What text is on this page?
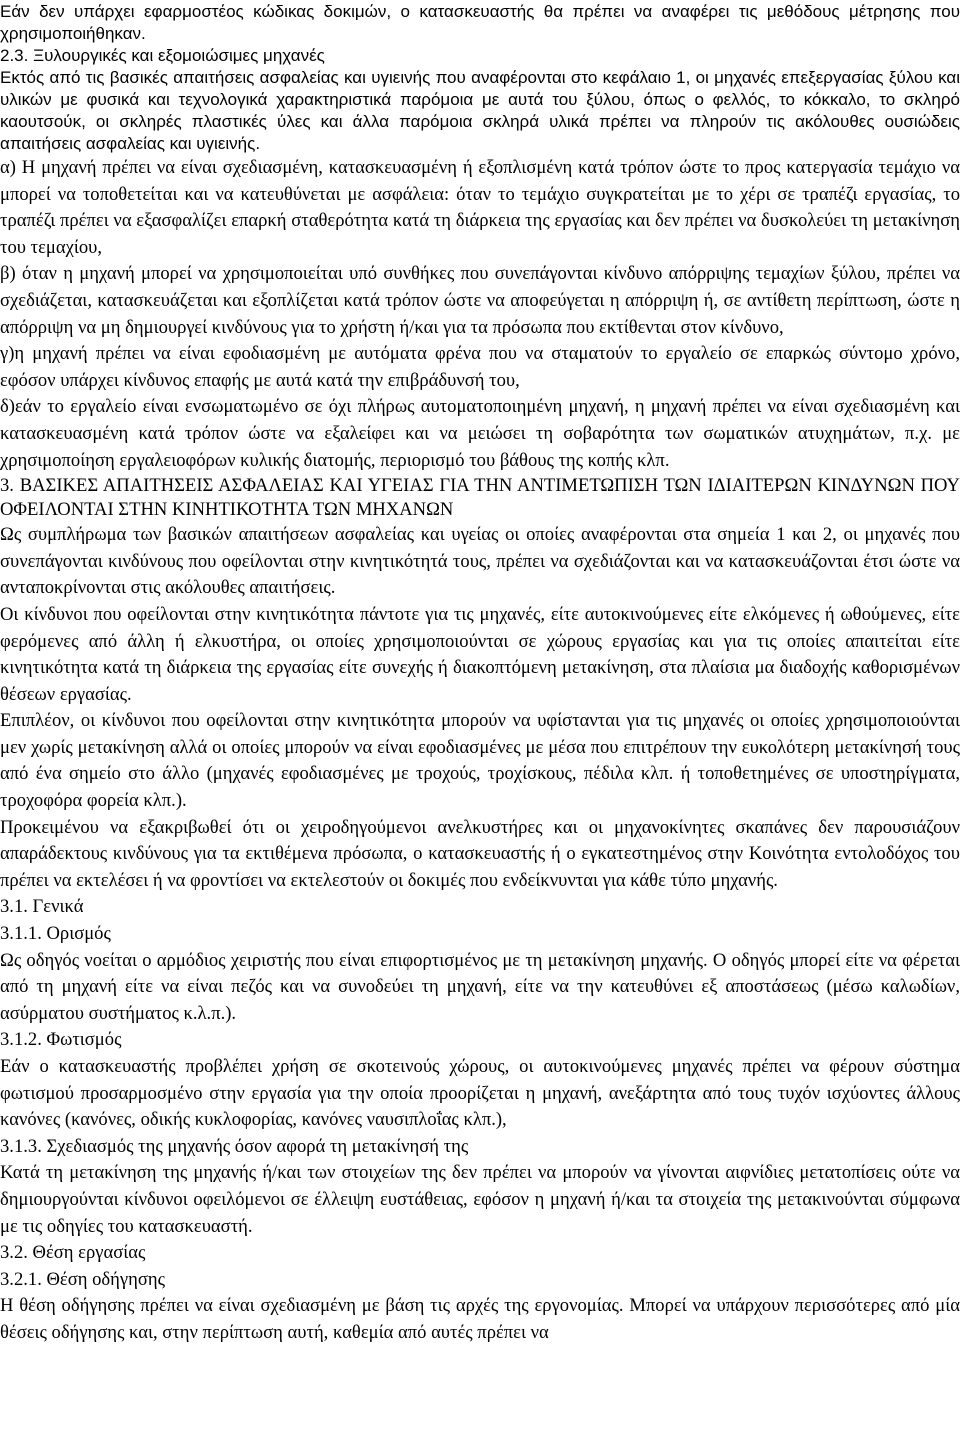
Εάν δεν υπάρχει εφαρμοστέος κώδικας δοκιμών, ο κατασκευαστής θα πρέπει να αναφέρει τις μεθόδους μέτρησης που χρησιμοποιήθηκαν.

2.3. Ξυλουργικές και εξομοιώσιμες μηχανές

Εκτός από τις βασικές απαιτήσεις ασφαλείας και υγιεινής που αναφέρονται στο κεφάλαιο 1, οι μηχανές επεξεργασίας ξύλου και υλικών με φυσικά και τεχνολογικά χαρακτηριστικά παρόμοια με αυτά του ξύλου, όπως ο φελλός, το κόκκαλο, το σκληρό καουτσούκ, οι σκληρές πλαστικές ύλες και άλλα παρόμοια σκληρά υλικά πρέπει να πληρούν τις ακόλουθες ουσιώδεις απαιτήσεις ασφαλείας και υγιεινής.

α) Η μηχανή πρέπει να είναι σχεδιασμένη, κατασκευασμένη ή εξοπλισμένη κατά τρόπον ώστε το προς κατεργασία τεμάχιο να μπορεί να τοποθετείται και να κατευθύνεται με ασφάλεια: όταν το τεμάχιο συγκρατείται με το χέρι σε τραπέζι εργασίας, το τραπέζι πρέπει να εξασφαλίζει επαρκή σταθερότητα κατά τη διάρκεια της εργασίας και δεν πρέπει να δυσκολεύει τη μετακίνηση του τεμαχίου,

β) όταν η μηχανή μπορεί να χρησιμοποιείται υπό συνθήκες που συνεπάγονται κίνδυνο απόρριψης τεμαχίων ξύλου, πρέπει να σχεδιάζεται, κατασκευάζεται και εξοπλίζεται κατά τρόπον ώστε να αποφεύγεται η απόρριψη ή, σε αντίθετη περίπτωση, ώστε η απόρριψη να μη δημιουργεί κινδύνους για το χρήστη ή/και για τα πρόσωπα που εκτίθενται στον κίνδυνο,

γ)η μηχανή πρέπει να είναι εφοδιασμένη με αυτόματα φρένα που να σταματούν το εργαλείο σε επαρκώς σύντομο χρόνο, εφόσον υπάρχει κίνδυνος επαφής με αυτά κατά την επιβράδυνσή του,

δ)εάν το εργαλείο είναι ενσωματωμένο σε όχι πλήρως αυτοματοποιημένη μηχανή, η μηχανή πρέπει να είναι σχεδιασμένη και κατασκευασμένη κατά τρόπον ώστε να εξαλείφει και να μειώσει τη σοβαρότητα των σωματικών ατυχημάτων, π.χ. με χρησιμοποίηση εργαλειοφόρων κυλικής διατομής, περιορισμό του βάθους της κοπής κλπ.

3. ΒΑΣΙΚΕΣ ΑΠΑΙΤΗΣΕΙΣ ΑΣΦΑΛΕΙΑΣ ΚΑΙ ΥΓΕΙΑΣ ΓΙΑ ΤΗΝ ΑΝΤΙΜΕΤΩΠΙΣΗ ΤΩΝ ΙΔΙΑΙΤΕΡΩΝ ΚΙΝΔΥΝΩΝ ΠΟΥ ΟΦΕΙΛΟΝΤΑΙ ΣΤΗΝ ΚΙΝΗΤΙΚΟΤΗΤΑ ΤΩΝ ΜΗΧΑΝΩΝ

Ως συμπλήρωμα των βασικών απαιτήσεων ασφαλείας και υγείας οι οποίες αναφέρονται στα σημεία 1 και 2, οι μηχανές που συνεπάγονται κινδύνους που οφείλονται στην κινητικότητά τους, πρέπει να σχεδιάζονται και να κατασκευάζονται έτσι ώστε να ανταποκρίνονται στις ακόλουθες απαιτήσεις.

Οι κίνδυνοι που οφείλονται στην κινητικότητα πάντοτε για τις μηχανές, είτε αυτοκινούμενες είτε ελκόμενες ή ωθούμενες, είτε φερόμενες από άλλη ή ελκυστήρα, οι οποίες χρησιμοποιούνται σε χώρους εργασίας και για τις οποίες απαιτείται είτε κινητικότητα κατά τη διάρκεια της εργασίας είτε συνεχής ή διακοπτόμενη μετακίνηση, στα πλαίσια μα διαδοχής καθορισμένων θέσεων εργασίας.

Επιπλέον, οι κίνδυνοι που οφείλονται στην κινητικότητα μπορούν να υφίστανται για τις μηχανές οι οποίες χρησιμοποιούνται μεν χωρίς μετακίνηση αλλά οι οποίες μπορούν να είναι εφοδιασμένες με μέσα που επιτρέπουν την ευκολότερη μετακίνησή τους από ένα σημείο στο άλλο (μηχανές εφοδιασμένες με τροχούς, τροχίσκους, πέδιλα κλπ. ή τοποθετημένες σε υποστηρίγματα, τροχοφόρα φορεία κλπ.).

Προκειμένου να εξακριβωθεί ότι οι χειροδηγούμενοι ανελκυστήρες και οι μηχανοκίνητες σκαπάνες δεν παρουσιάζουν απαράδεκτους κινδύνους για τα εκτιθέμενα πρόσωπα, ο κατασκευαστής ή ο εγκατεστημένος στην Κοινότητα εντολοδόχος του πρέπει να εκτελέσει ή να φροντίσει να εκτελεστούν οι δοκιμές που ενδείκνυνται για κάθε τύπο μηχανής.

3.1. Γενικά

3.1.1. Ορισμός

Ως οδηγός νοείται ο αρμόδιος χειριστής που είναι επιφορτισμένος με τη μετακίνηση μηχανής. Ο οδηγός μπορεί είτε να φέρεται από τη μηχανή είτε να είναι πεζός και να συνοδεύει τη μηχανή, είτε να την κατευθύνει εξ αποστάσεως (μέσω καλωδίων, ασύρματου συστήματος κ.λ.π.).

3.1.2. Φωτισμός

Εάν ο κατασκευαστής προβλέπει χρήση σε σκοτεινούς χώρους, οι αυτοκινούμενες μηχανές πρέπει να φέρουν σύστημα φωτισμού προσαρμοσμένο στην εργασία για την οποία προορίζεται η μηχανή, ανεξάρτητα από τους τυχόν ισχύοντες άλλους κανόνες (κανόνες, οδικής κυκλοφορίας, κανόνες ναυσιπλοΐας κλπ.),

3.1.3. Σχεδιασμός της μηχανής όσον αφορά τη μετακίνησή της

Κατά τη μετακίνηση της μηχανής ή/και των στοιχείων της δεν πρέπει να μπορούν να γίνονται αιφνίδιες μετατοπίσεις ούτε να δημιουργούνται κίνδυνοι οφειλόμενοι σε έλλειψη ευστάθειας, εφόσον η μηχανή ή/και τα στοιχεία της μετακινούνται σύμφωνα με τις οδηγίες του κατασκευαστή.

3.2. Θέση εργασίας

3.2.1. Θέση οδήγησης

Η θέση οδήγησης πρέπει να είναι σχεδιασμένη με βάση τις αρχές της εργονομίας. Μπορεί να υπάρχουν περισσότερες από μία θέσεις οδήγησης και, στην περίπτωση αυτή, καθεμία από αυτές πρέπει να
